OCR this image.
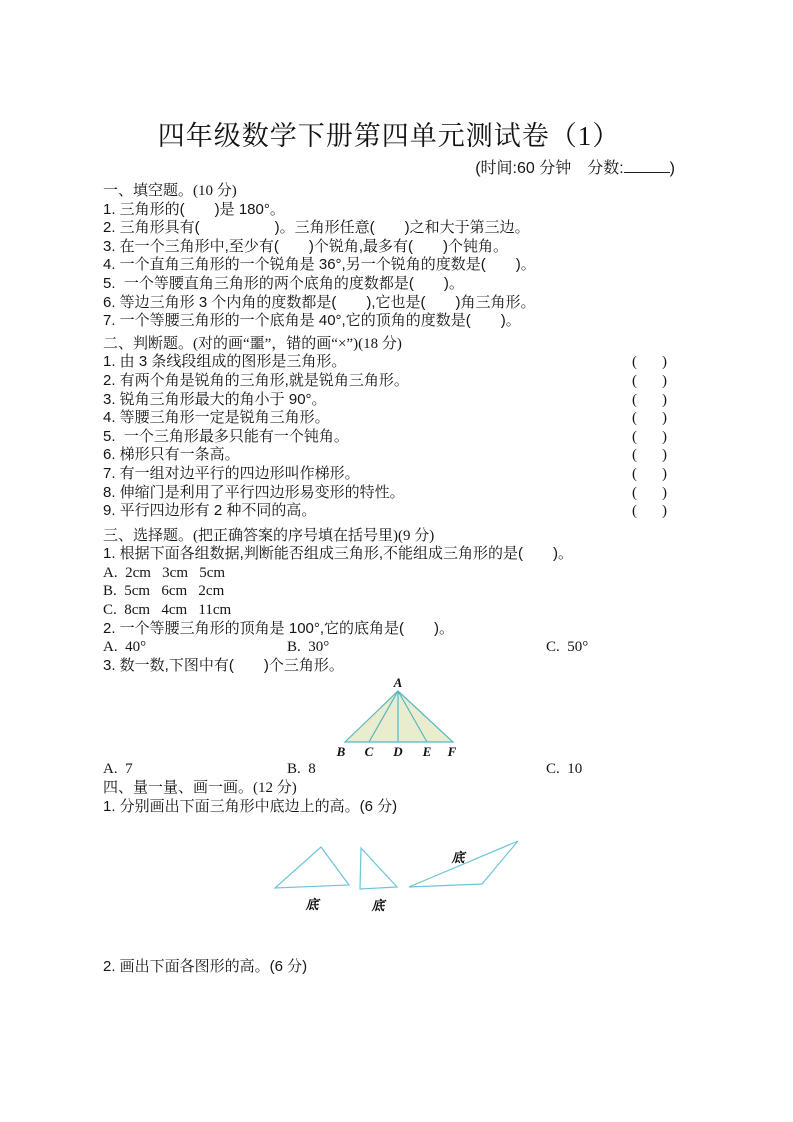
四年级数学下册第四单元测试卷（1）
(时间:60 分钟　分数:	)
一、填空题。(10 分)
1. 三角形的(　　)是 180°。
2. 三角形具有(　　　　　)。三角形任意(　　)之和大于第三边。
3. 在一个三角形中,至少有(　　)个锐角,最多有(　　)个钝角。
4. 一个直角三角形的一个锐角是 36°,另一个锐角的度数是(　　)。
5.  一个等腰直角三角形的两个底角的度数都是(　　)。
6. 等边三角形 3 个内角的度数都是(　　),它也是(　　)角三角形。
7. 一个等腰三角形的一个底角是 40°,它的顶角的度数是(　　)。
二、判断题。(对的画“噩”，错的画“×”)(18 分)
1. 由 3 条线段组成的图形是三角形。	(    )
2. 有两个角是锐角的三角形,就是锐角三角形。	(    )
3. 锐角三角形最大的角小于 90°。	(    )
4. 等腰三角形一定是锐角三角形。	(    )
5.  一个三角形最多只能有一个钝角。	(    )
6. 梯形只有一条高。	(    )
7. 有一组对边平行的四边形叫作梯形。	(    )
8. 伸缩门是利用了平行四边形易变形的特性。	(    )
9. 平行四边形有 2 种不同的高。	(    )
三、选择题。(把正确答案的序号填在括号里)(9 分)
1. 根据下面各组数据,判断能否组成三角形,不能组成三角形的是(　　)。
A.  2cm   3cm   5cm
B.  5cm   6cm   2cm
C.  8cm   4cm   11cm
2. 一个等腰三角形的顶角是 100°,它的底角是(　　)。
A.  40°	B.  30°	C.  50°
3. 数一数,下图中有(　　)个三角形。
A
B C D E F
A.  7	B.  8	C.  10
四、量一量、画一画。(12 分)
1. 分别画出下面三角形中底边上的高。(6 分)
底	底
底
2. 画出下面各图形的高。(6 分)
